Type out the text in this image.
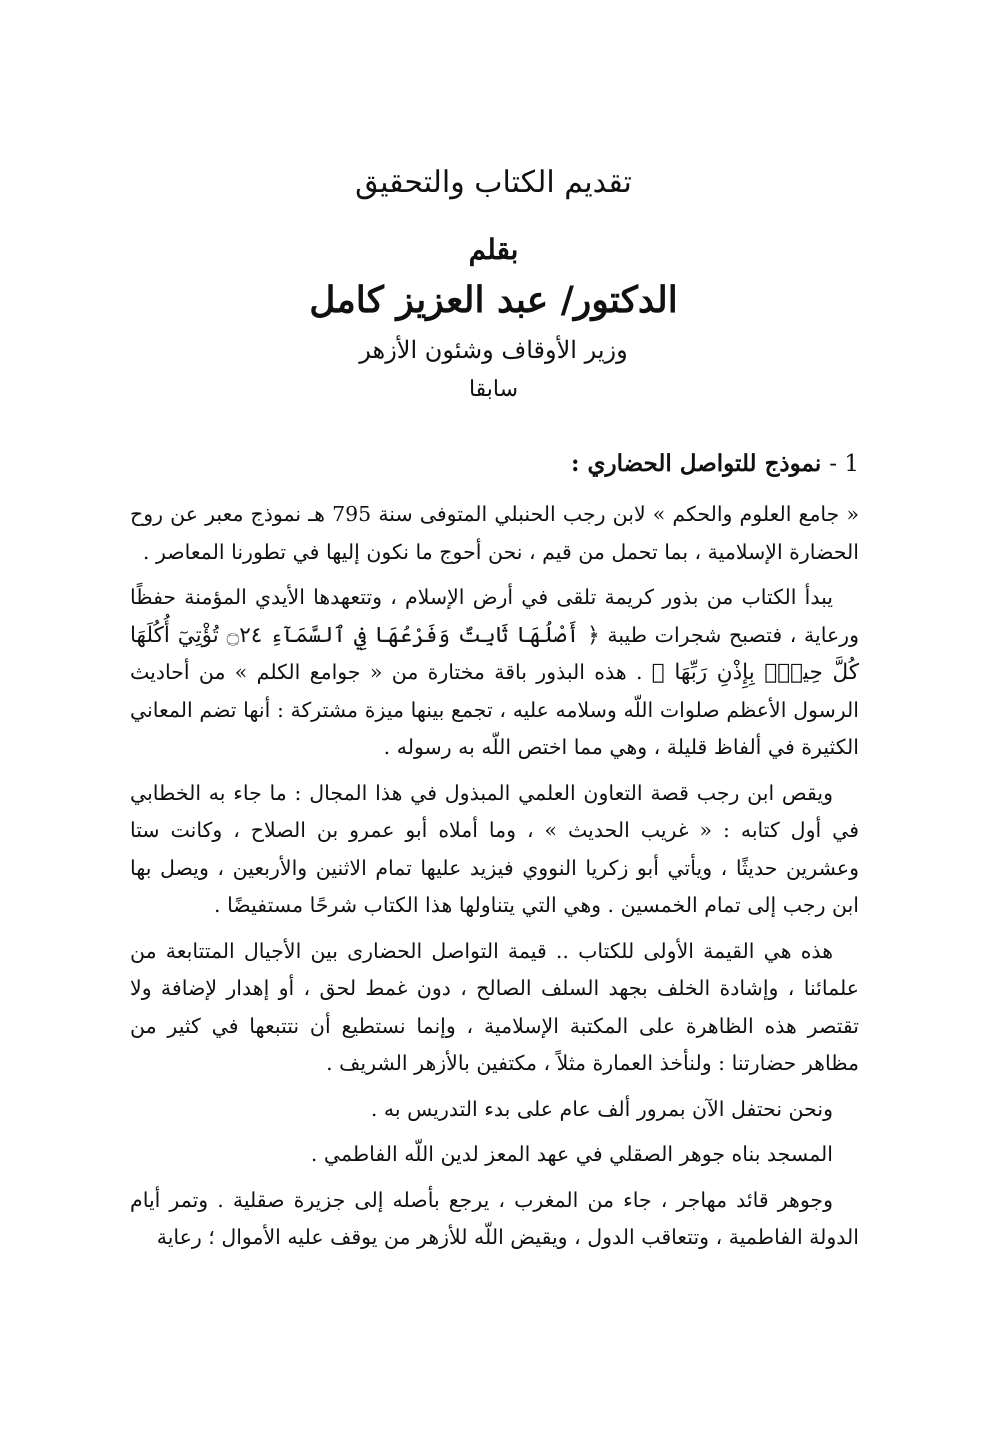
تقديم الكتاب والتحقيق
بقلم
الدكتور/ عبد العزيز كامل
وزير الأوقاف وشئون الأزهر
سابقا
1 - نموذج للتواصل الحضاري :

« جامع العلوم والحكم » لابن رجب الحنبلي المتوفى سنة 795 هـ نموذج معبر عن روح الحضارة الإسلامية ، بما تحمل من قيم ، نحن أحوج ما نكون إليها في تطورنا المعاصر .

يبدأ الكتاب من بذور كريمة تلقى في أرض الإسلام ، وتتعهدها الأيدي المؤمنة حفظًا ورعاية ، فتصبح شجرات طيبة ﴿ أَصْلُهَا ثَابِتٌ وَفَرْعُهَا فِي ٱلسَّمَآءِ ۝٢٤ تُؤْتِيٓ أُكُلَهَا كُلَّ حِينِۭ بِإِذْنِ رَبِّهَا ﴾ . هذه البذور باقة مختارة من « جوامع الكلم » من أحاديث الرسول الأعظم صلوات اللّه وسلامه عليه ، تجمع بينها ميزة مشتركة : أنها تضم المعاني الكثيرة في ألفاظ قليلة ، وهي مما اختص اللّه به رسوله .

ويقص ابن رجب قصة التعاون العلمي المبذول في هذا المجال : ما جاء به الخطابي في أول كتابه : « غريب الحديث » ، وما أملاه أبو عمرو بن الصلاح ، وكانت ستا وعشرين حديثًا ، ويأتي أبو زكريا النووي فيزيد عليها تمام الاثنين والأربعين ، ويصل بها ابن رجب إلى تمام الخمسين . وهي التي يتناولها هذا الكتاب شرحًا مستفيضًا .

هذه هي القيمة الأولى للكتاب .. قيمة التواصل الحضارى بين الأجيال المتتابعة من علمائنا ، وإشادة الخلف بجهد السلف الصالح ، دون غمط لحق ، أو إهدار لإضافة ولا تقتصر هذه الظاهرة على المكتبة الإسلامية ، وإنما نستطيع أن نتتبعها في كثير من مظاهر حضارتنا : ولنأخذ العمارة مثلاً ، مكتفين بالأزهر الشريف .

ونحن نحتفل الآن بمرور ألف عام على بدء التدريس به .

المسجد بناه جوهر الصقلي في عهد المعز لدين اللّه الفاطمي .

وجوهر قائد مهاجر ، جاء من المغرب ، يرجع بأصله إلى جزيرة صقلية . وتمر أيام الدولة الفاطمية ، وتتعاقب الدول ، ويقيض اللّه للأزهر من يوقف عليه الأموال ؛ رعاية
